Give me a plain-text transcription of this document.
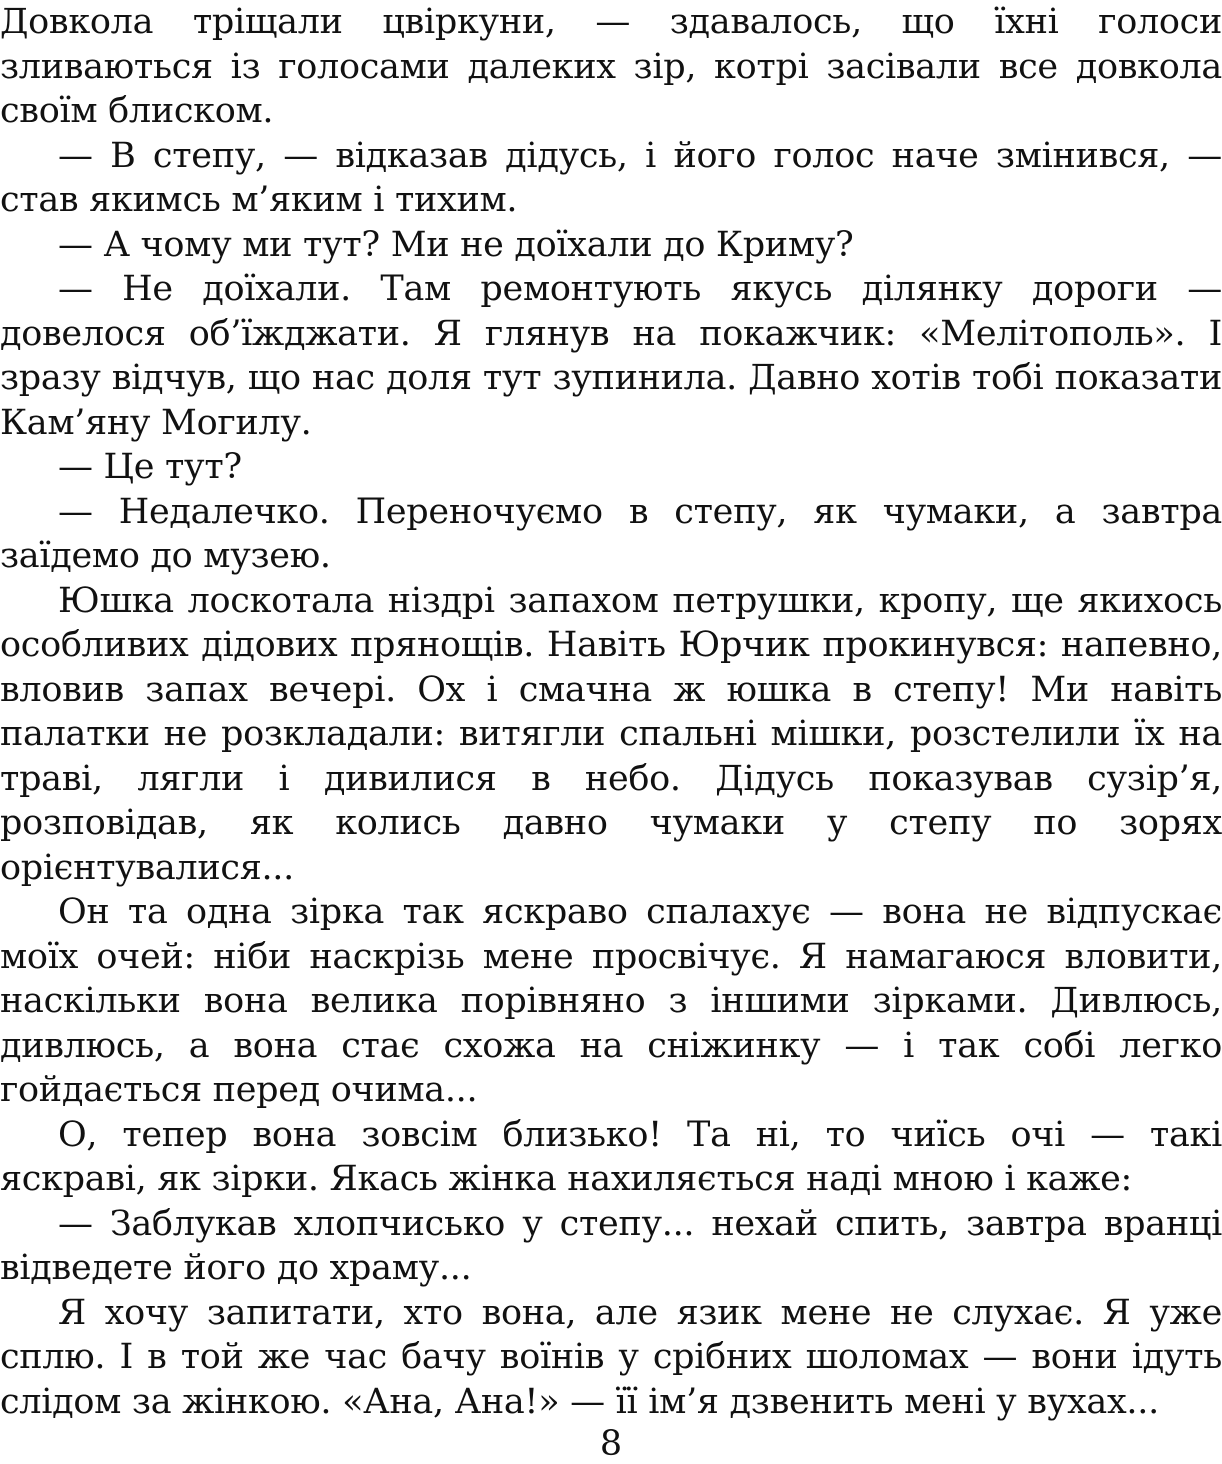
Довкола тріщали цвіркуни, — здавалось, що їхні голоси зливаються із голосами далеких зір, котрі засівали все довкола своїм блиском.

— В степу, — відказав дідусь, і його голос наче змінився, — став якимсь м’яким і тихим.

— А чому ми тут? Ми не доїхали до Криму?

— Не доїхали. Там ремонтують якусь ділянку дороги — довелося об’їжджати. Я глянув на покажчик: «Мелітополь». І зразу відчув, що нас доля тут зупинила. Давно хотів тобі показати Кам’яну Могилу.

— Це тут?

— Недалечко. Переночуємо в степу, як чумаки, а завтра заїдемо до музею.

Юшка лоскотала ніздрі запахом петрушки, кропу, ще якихось особливих дідових прянощів. Навіть Юрчик прокинувся: напевно, вловив запах вечері. Ох і смачна ж юшка в степу! Ми навіть палатки не розкладали: витягли спальні мішки, розстелили їх на траві, лягли і дивилися в небо. Дідусь показував сузір’я, розповідав, як колись давно чумаки у степу по зорях орієнтувалися...

Он та одна зірка так яскраво спалахує — вона не відпускає моїх очей: ніби наскрізь мене просвічує. Я намагаюся вловити, наскільки вона велика порівняно з іншими зірками. Дивлюсь, дивлюсь, а вона стає схожа на сніжинку — і так собі легко гойдається перед очима...

О, тепер вона зовсім близько! Та ні, то чиїсь очі — такі яскраві, як зірки. Якась жінка нахиляється наді мною і каже:

— Заблукав хлопчисько у степу... нехай спить, завтра вранці відведете його до храму...

Я хочу запитати, хто вона, але язик мене не слухає. Я уже сплю. І в той же час бачу воїнів у срібних шоломах — вони ідуть слідом за жінкою. «Ана, Ана!» — її ім’я дзвенить мені у вухах...

8
